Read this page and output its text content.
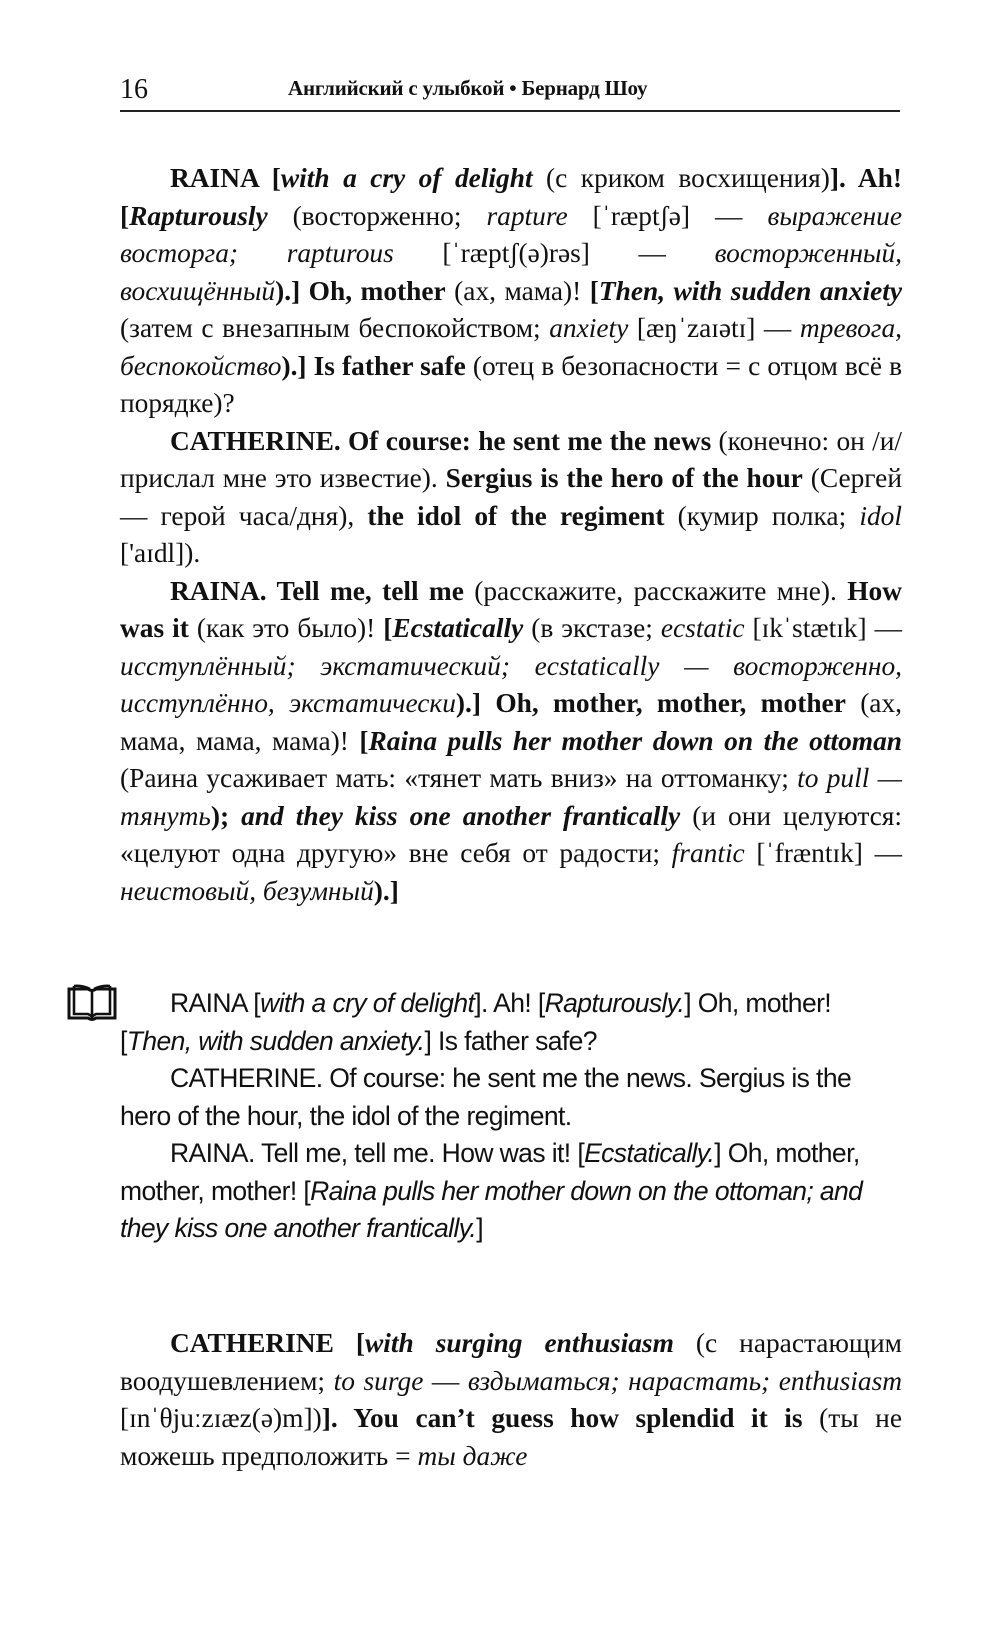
16	Английский с улыбкой • Бернард Шоу

RAINA [with a cry of delight (с криком восхищения)]. Ah! [Rapturously (восторженно; rapture [ˈræptʃə] — выражение восторга; rapturous [ˈræptʃ(ə)rəs] — восторженный, восхищённый).] Oh, mother (ах, мама)! [Then, with sudden anxiety (затем с внезапным беспокойством; anxiety [æŋˈzaɪətɪ] — тревога, беспокойство).] Is father safe (отец в безопасности = с отцом всё в порядке)?

CATHERINE. Of course: he sent me the news (конечно: он /и/ прислал мне это известие). Sergius is the hero of the hour (Сергей — герой часа/дня), the idol of the regiment (кумир полка; idol ['aɪdl]).

RAINA. Tell me, tell me (расскажите, расскажите мне). How was it (как это было)! [Ecstatically (в экстазе; ecstatic [ɪkˈstætɪk] — исступлённый; экстатический; ecstatically — восторженно, исступлённо, экстатически).] Oh, mother, mother, mother (ах, мама, мама, мама)! [Raina pulls her mother down on the ottoman (Раина усаживает мать: «тянет мать вниз» на оттоманку; to pull — тянуть); and they kiss one another frantically (и они целуются: «целуют одна другую» вне себя от радости; frantic [ˈfræntɪk] — неистовый, безумный).]

RAINA [with a cry of delight]. Ah! [Rapturously.] Oh, mother! [Then, with sudden anxiety.] Is father safe?

CATHERINE. Of course: he sent me the news. Sergius is the hero of the hour, the idol of the regiment.

RAINA. Tell me, tell me. How was it! [Ecstatically.] Oh, mother, mother, mother! [Raina pulls her mother down on the ottoman; and they kiss one another frantically.]

CATHERINE [with surging enthusiasm (с нарастающим воодушевлением; to surge — вздыматься; нарастать; enthusiasm [ɪnˈθjuːzɪæz(ə)m])]. You can’t guess how splendid it is (ты не можешь предположить = ты даже
